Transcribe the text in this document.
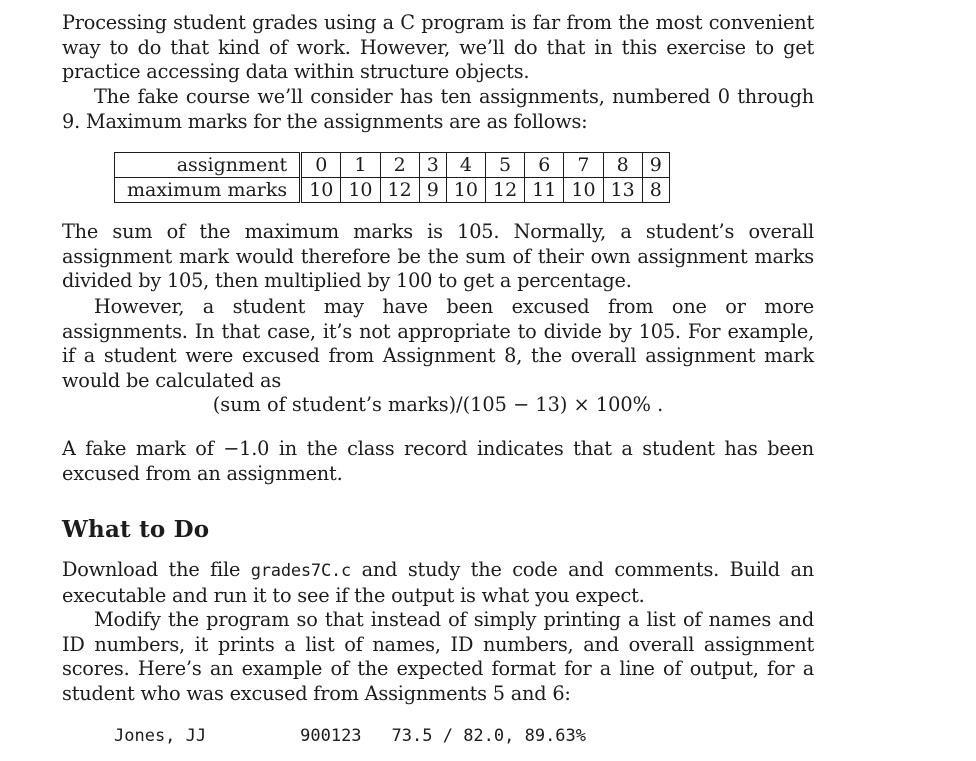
Processing student grades using a C program is far from the most convenient way to do that kind of work. However, we’ll do that in this exercise to get practice accessing data within structure objects.

The fake course we’ll consider has ten assignments, numbered 0 through 9. Maximum marks for the assignments are as follows:

assignment	0	1	2	3	4	5	6	7	8	9
maximum marks	10	10	12	9	10	12	11	10	13	8

The sum of the maximum marks is 105. Normally, a student’s overall assignment mark would therefore be the sum of their own assignment marks divided by 105, then multiplied by 100 to get a percentage.

However, a student may have been excused from one or more assignments. In that case, it’s not appropriate to divide by 105. For example, if a student were excused from Assignment 8, the overall assignment mark would be calculated as

(sum of student’s marks)/(105 − 13) × 100% .

A fake mark of −1.0 in the class record indicates that a student has been excused from an assignment.

What to Do

Download the file grades7C.c and study the code and comments. Build an executable and run it to see if the output is what you expect.

Modify the program so that instead of simply printing a list of names and ID numbers, it prints a list of names, ID numbers, and overall assignment scores. Here’s an example of the expected format for a line of output, for a student who was excused from Assignments 5 and 6:

Jones, JJ	900123 73.5 / 82.0, 89.63%
